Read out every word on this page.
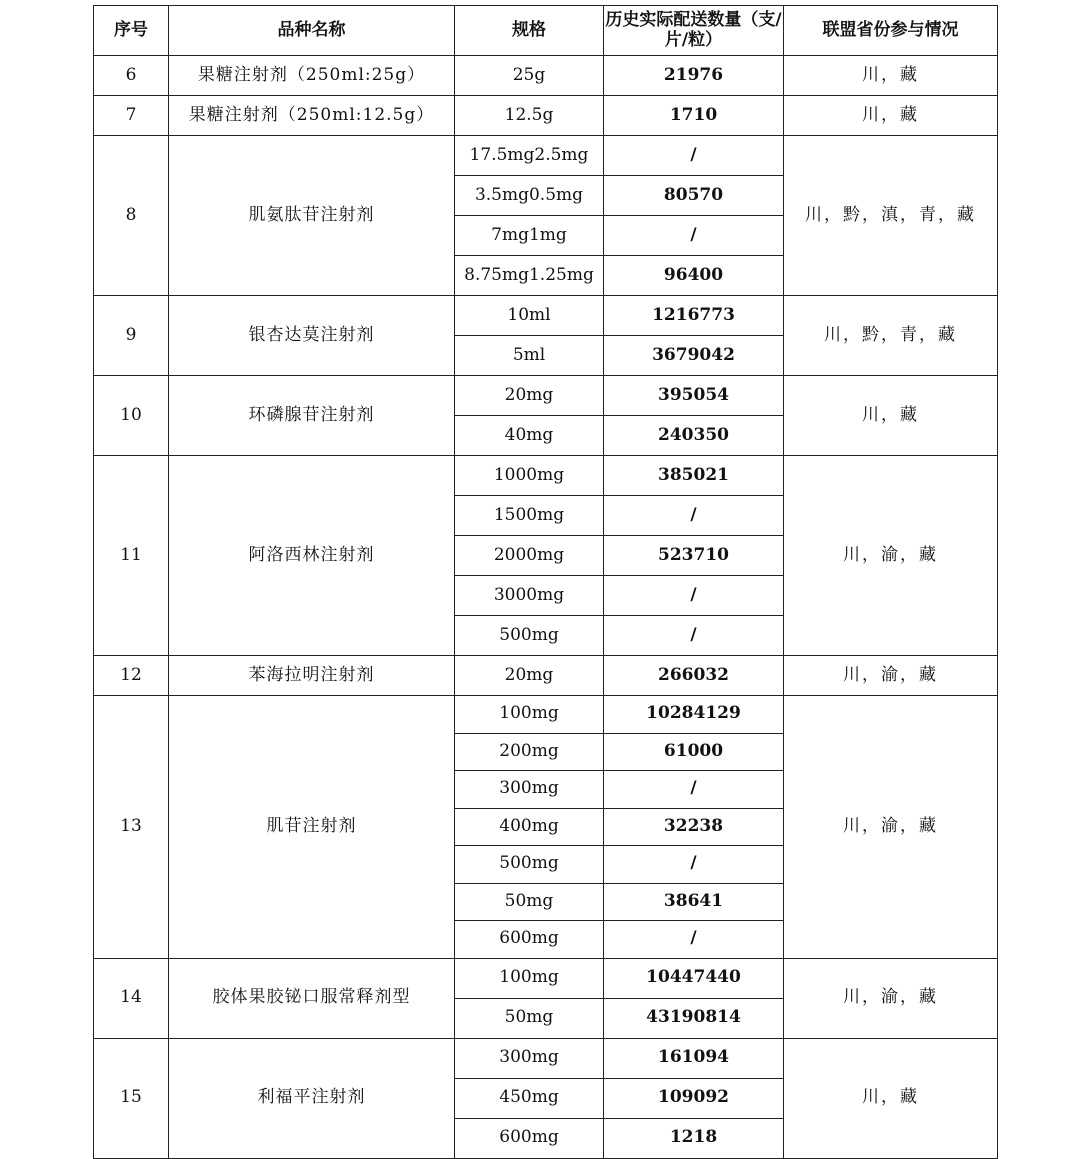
序号	品种名称	规格	历史实际配送数量（支/片/粒）	联盟省份参与情况
6	果糖注射剂（250ml:25g）	25g	21976	川，藏
7	果糖注射剂（250ml:12.5g）	12.5g	1710	川，藏
8	肌氨肽苷注射剂	17.5mg2.5mg	/	川，黔，滇，青，藏
		3.5mg0.5mg	80570	
		7mg1mg	/	
		8.75mg1.25mg	96400	
9	银杏达莫注射剂	10ml	1216773	川，黔，青，藏
		5ml	3679042	
10	环磷腺苷注射剂	20mg	395054	川，藏
		40mg	240350	
11	阿洛西林注射剂	1000mg	385021	川，渝，藏
		1500mg	/	
		2000mg	523710	
		3000mg	/	
		500mg	/	
12	苯海拉明注射剂	20mg	266032	川，渝，藏
13	肌苷注射剂	100mg	10284129	川，渝，藏
		200mg	61000	
		300mg	/	
		400mg	32238	
		500mg	/	
		50mg	38641	
		600mg	/	
14	胶体果胶铋口服常释剂型	100mg	10447440	川，渝，藏
		50mg	43190814	
15	利福平注射剂	300mg	161094	川，藏
		450mg	109092	
		600mg	1218	
